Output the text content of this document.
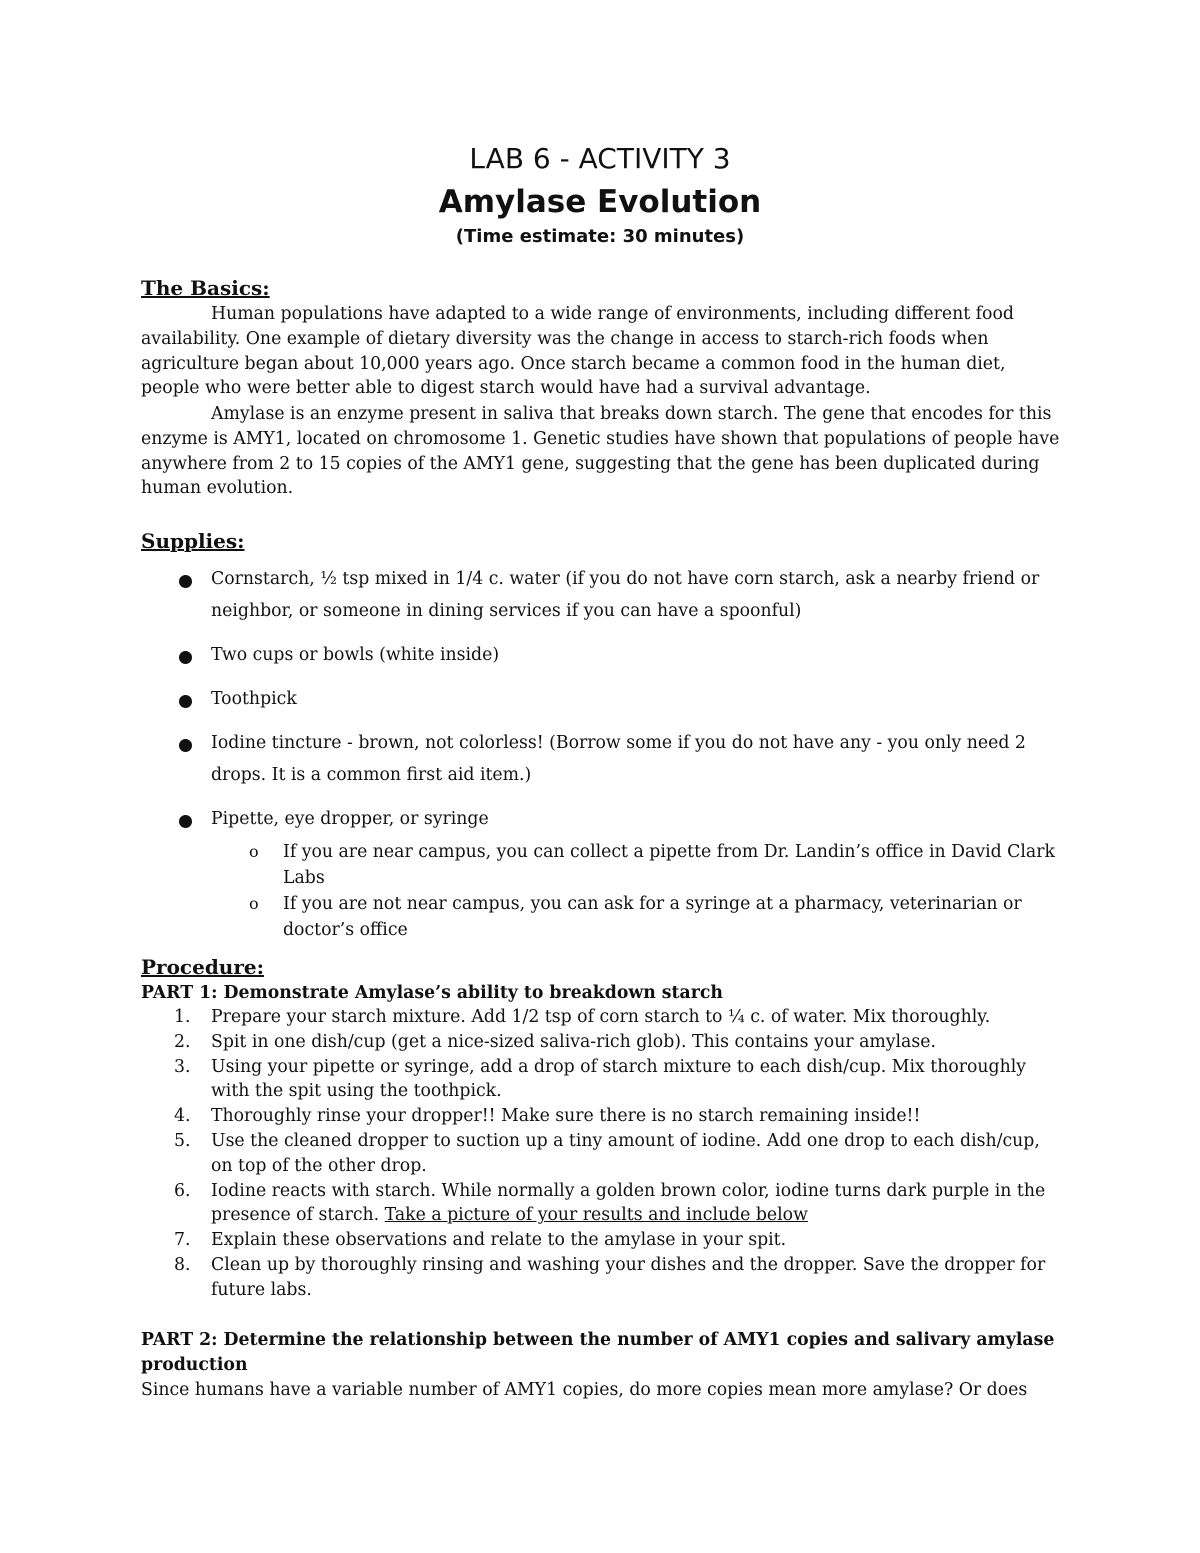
LAB 6 - ACTIVITY 3
Amylase Evolution
(Time estimate: 30 minutes)
The Basics:
Human populations have adapted to a wide range of environments, including different food availability. One example of dietary diversity was the change in access to starch-rich foods when agriculture began about 10,000 years ago. Once starch became a common food in the human diet, people who were better able to digest starch would have had a survival advantage.
Amylase is an enzyme present in saliva that breaks down starch. The gene that encodes for this enzyme is AMY1, located on chromosome 1. Genetic studies have shown that populations of people have anywhere from 2 to 15 copies of the AMY1 gene, suggesting that the gene has been duplicated during human evolution.
Supplies:
Cornstarch, ½ tsp mixed in 1/4 c. water (if you do not have corn starch, ask a nearby friend or neighbor, or someone in dining services if you can have a spoonful)
Two cups or bowls (white inside)
Toothpick
Iodine tincture - brown, not colorless! (Borrow some if you do not have any - you only need 2 drops. It is a common first aid item.)
Pipette, eye dropper, or syringe
o If you are near campus, you can collect a pipette from Dr. Landin’s office in David Clark Labs
o If you are not near campus, you can ask for a syringe at a pharmacy, veterinarian or doctor’s office
Procedure:
PART 1: Demonstrate Amylase’s ability to breakdown starch
1. Prepare your starch mixture. Add 1/2 tsp of corn starch to ¼ c. of water. Mix thoroughly.
2. Spit in one dish/cup (get a nice-sized saliva-rich glob). This contains your amylase.
3. Using your pipette or syringe, add a drop of starch mixture to each dish/cup. Mix thoroughly with the spit using the toothpick.
4. Thoroughly rinse your dropper!! Make sure there is no starch remaining inside!!
5. Use the cleaned dropper to suction up a tiny amount of iodine. Add one drop to each dish/cup, on top of the other drop.
6. Iodine reacts with starch. While normally a golden brown color, iodine turns dark purple in the presence of starch. Take a picture of your results and include below
7. Explain these observations and relate to the amylase in your spit.
8. Clean up by thoroughly rinsing and washing your dishes and the dropper. Save the dropper for future labs.
PART 2: Determine the relationship between the number of AMY1 copies and salivary amylase production
Since humans have a variable number of AMY1 copies, do more copies mean more amylase? Or does
